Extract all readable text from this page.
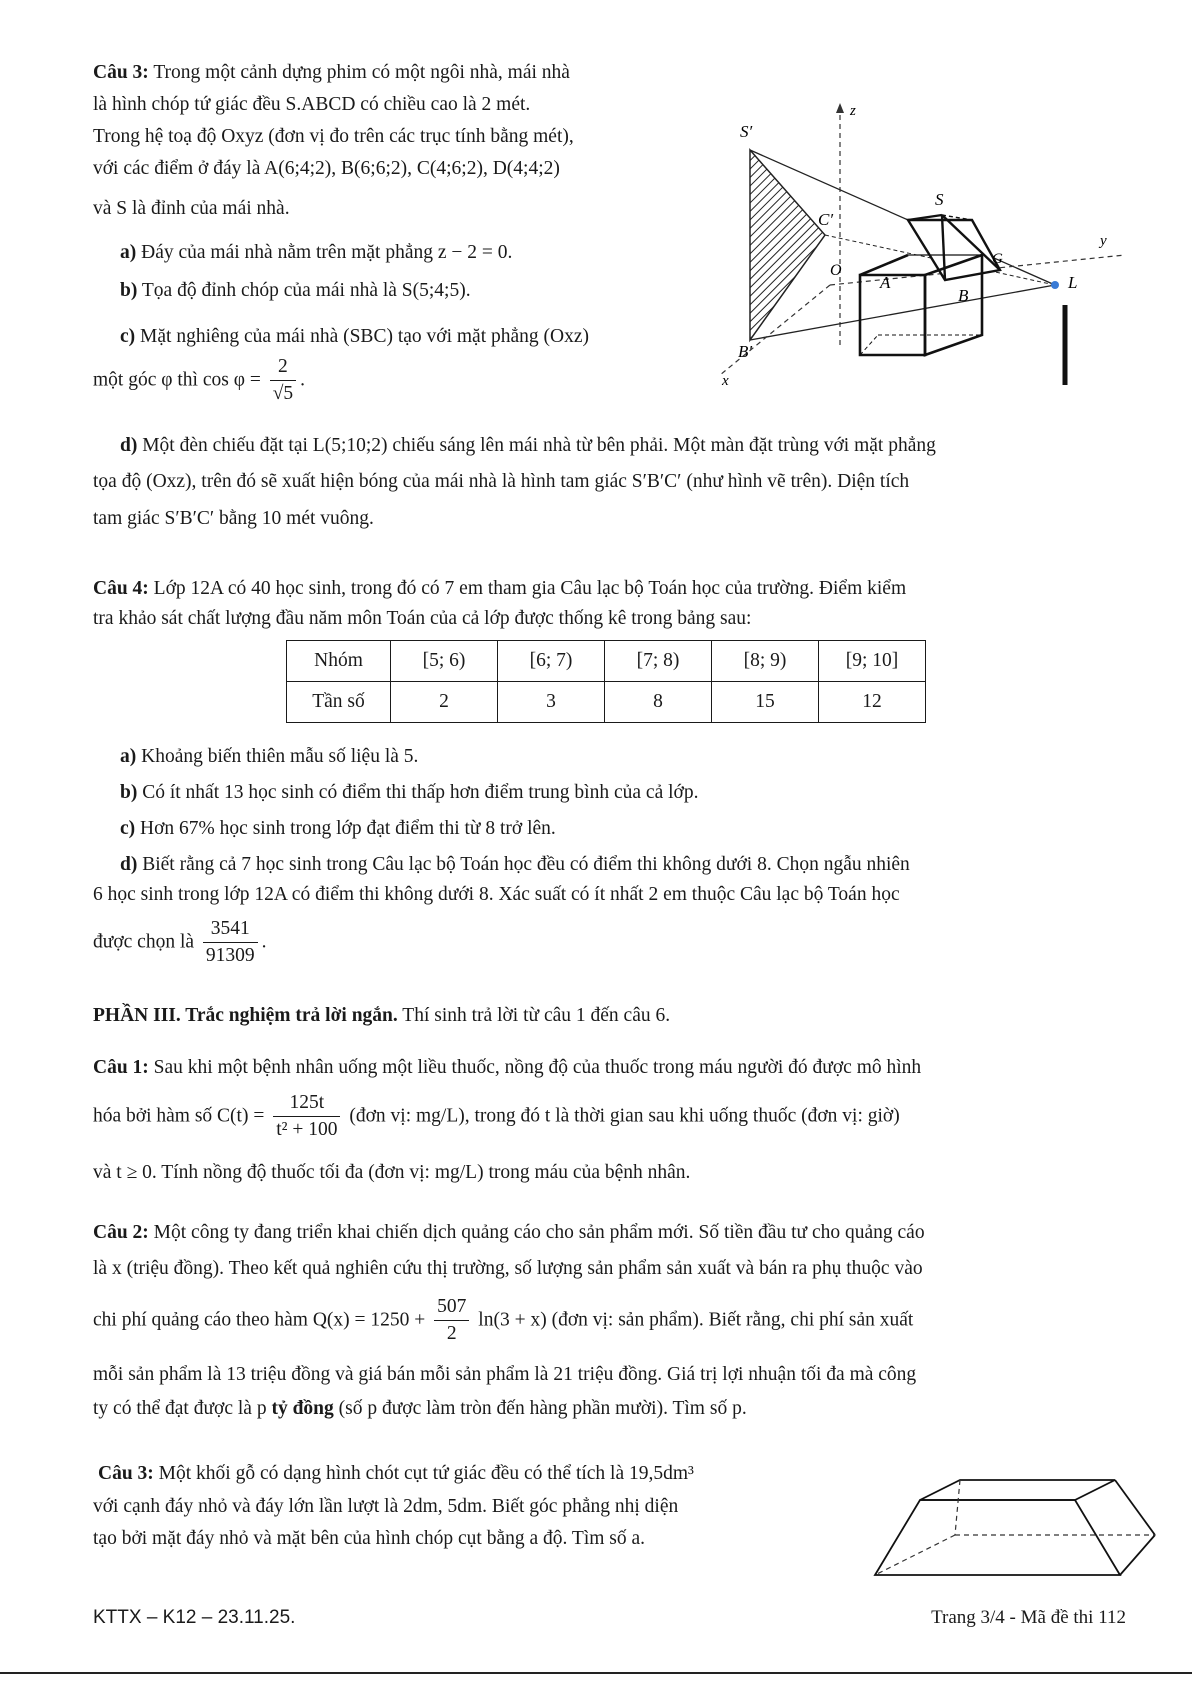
Câu 3: Trong một cảnh dựng phim có một ngôi nhà, mái nhà
là hình chóp tứ giác đều S.ABCD có chiều cao là 2 mét.
Trong hệ toạ độ Oxyz (đơn vị đo trên các trục tính bằng mét),
với các điểm ở đáy là A(6;4;2), B(6;6;2), C(4;6;2), D(4;4;2)
và S là đỉnh của mái nhà.
a) Đáy của mái nhà nằm trên mặt phẳng z − 2 = 0.
b) Tọa độ đỉnh chóp của mái nhà là S(5;4;5).
c) Mặt nghiêng của mái nhà (SBC) tạo với mặt phẳng (Oxz)
một góc φ thì $\cos \varphi = \frac{2}{√5}$ .
z
S′
C′
B′
y
x
O
S
A
B
G
L
d) Một đèn chiếu đặt tại L(5;10;2) chiếu sáng lên mái nhà từ bên phải. Một màn đặt trùng với mặt phẳng
tọa độ (Oxz), trên đó sẽ xuất hiện bóng của mái nhà là hình tam giác S′B′C′ (như hình vẽ trên). Diện tích
tam giác S′B′C′ bằng 10 mét vuông.
Câu 4: Lớp 12A có 40 học sinh, trong đó có 7 em tham gia Câu lạc bộ Toán học của trường. Điểm kiểm
tra khảo sát chất lượng đầu năm môn Toán của cả lớp được thống kê trong bảng sau:
Nhóm	[5; 6)	[6; 7)	[7; 8)	[8; 9)	[9; 10]
Tần số	2	3	8	15	12
a) Khoảng biến thiên mẫu số liệu là 5.
b) Có ít nhất 13 học sinh có điểm thi thấp hơn điểm trung bình của cả lớp.
c) Hơn 67% học sinh trong lớp đạt điểm thi từ 8 trở lên.
d) Biết rằng cả 7 học sinh trong Câu lạc bộ Toán học đều có điểm thi không dưới 8. Chọn ngẫu nhiên
6 học sinh trong lớp 12A có điểm thi không dưới 8. Xác suất có ít nhất 2 em thuộc Câu lạc bộ Toán học
được chọn là $\frac{3541}{91309}$ .
PHẦN III. Trắc nghiệm trả lời ngắn. Thí sinh trả lời từ câu 1 đến câu 6.
Câu 1: Sau khi một bệnh nhân uống một liều thuốc, nồng độ của thuốc trong máu người đó được mô hình
hóa bởi hàm số $C(t) = \frac{125t}{\text{t² + 100}}$ (đơn vị: mg/L), trong đó t là thời gian sau khi uống thuốc (đơn vị: giờ)
và t ≥ 0. Tính nồng độ thuốc tối đa (đơn vị: mg/L) trong máu của bệnh nhân.
Câu 2: Một công ty đang triển khai chiến dịch quảng cáo cho sản phẩm mới. Số tiền đầu tư cho quảng cáo
là x (triệu đồng). Theo kết quả nghiên cứu thị trường, số lượng sản phẩm sản xuất và bán ra phụ thuộc vào
chi phí quảng cáo theo hàm $Q(x) = 1250 + \frac{507}{2} \ln(3 + x)$ (đơn vị: sản phẩm). Biết rằng, chi phí sản xuất
mỗi sản phẩm là 13 triệu đồng và giá bán mỗi sản phẩm là 21 triệu đồng. Giá trị lợi nhuận tối đa mà công
ty có thể đạt được là p tỷ đồng (số p được làm tròn đến hàng phần mười). Tìm số p.
Câu 3: Một khối gỗ có dạng hình chót cụt tứ giác đều có thể tích là 19,5dm³
với cạnh đáy nhỏ và đáy lớn lần lượt là 2dm, 5dm. Biết góc phẳng nhị diện
tạo bởi mặt đáy nhỏ và mặt bên của hình chóp cụt bằng a độ. Tìm số a.
KTTX – K12 – 23.11.25.	Trang 3/4 - Mã đề thi 112
